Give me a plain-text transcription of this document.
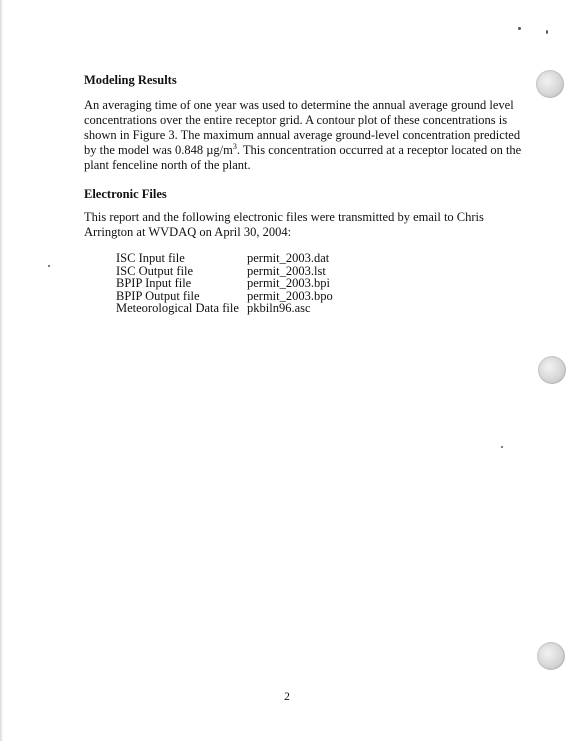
Modeling Results

An averaging time of one year was used to determine the annual average ground level concentrations over the entire receptor grid. A contour plot of these concentrations is shown in Figure 3. The maximum annual average ground-level concentration predicted by the model was 0.848 $\mu g/m^3$. This concentration occurred at a receptor located on the plant fenceline north of the plant.

Electronic Files

This report and the following electronic files were transmitted by email to Chris Arrington at WVDAQ on April 30, 2004:

ISC Input file	permit_2003.dat
ISC Output file	permit_2003.lst
BPIP Input file	permit_2003.bpi
BPIP Output file	permit_2003.bpo
Meteorological Data file pkbiln96.asc
2
